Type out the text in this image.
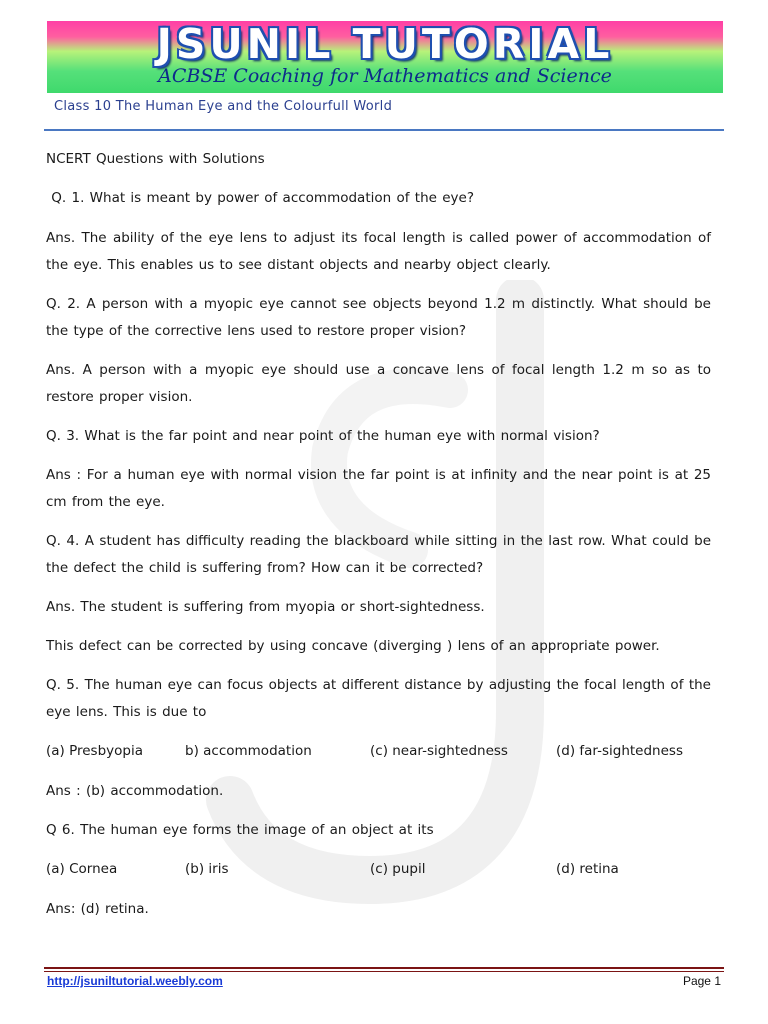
JSUNIL TUTORIAL
ACBSE Coaching for Mathematics and Science
Class 10 The Human Eye and the Colourfull World

NCERT Questions with Solutions

Q. 1. What is meant by power of accommodation of the eye?

Ans. The ability of the eye lens to adjust its focal length is called power of accommodation of the eye. This enables us to see distant objects and nearby object clearly.

Q. 2. A person with a myopic eye cannot see objects beyond 1.2 m distinctly. What should be the type of the corrective lens used to restore proper vision?

Ans. A person with a myopic eye should use a concave lens of focal length 1.2 m so as to restore proper vision.

Q. 3. What is the far point and near point of the human eye with normal vision?

Ans : For a human eye with normal vision the far point is at infinity and the near point is at 25 cm from the eye.

Q. 4. A student has difficulty reading the blackboard while sitting in the last row. What could be the defect the child is suffering from? How can it be corrected?

Ans. The student is suffering from myopia or short-sightedness.

This defect can be corrected by using concave (diverging ) lens of an appropriate power.

Q. 5. The human eye can focus objects at different distance by adjusting the focal length of the eye lens. This is due to

(a) Presbyopia	b) accommodation	(c) near-sightedness	(d) far-sightedness

Ans : (b) accommodation.

Q 6. The human eye forms the image of an object at its

(a) Cornea	(b) iris	(c) pupil	(d) retina

Ans: (d) retina.

http://jsuniltutorial.weebly.com	Page 1
